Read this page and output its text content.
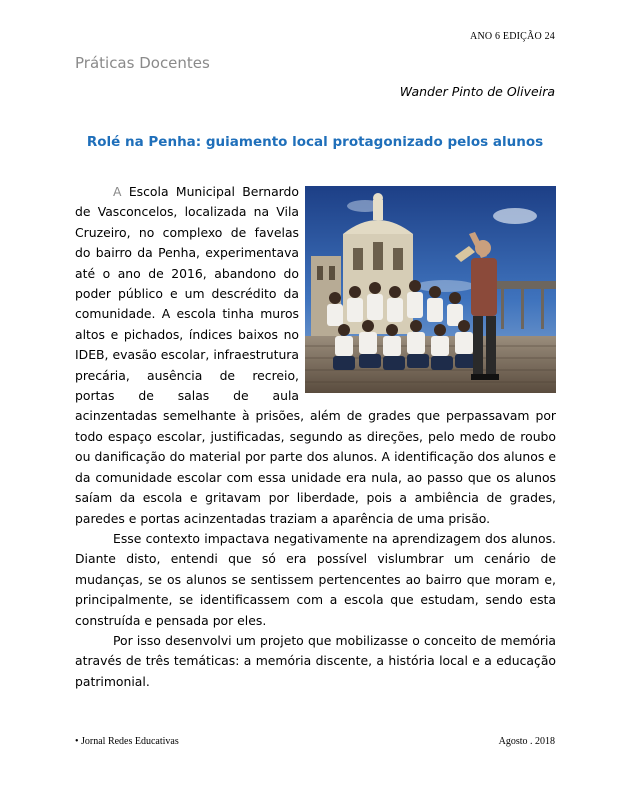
ANO 6 EDIÇÃO 24
Práticas Docentes
Wander Pinto de Oliveira
Rolé na Penha: guiamento local protagonizado pelos alunos

A
Escola Municipal Bernardo de Vasconcelos, localizada na Vila Cruzeiro, no complexo de favelas do bairro da Penha, experimentava até o ano de 2016, abandono do poder público e um descrédito da comunidade. A escola tinha muros altos e pichados, índices baixos no IDEB, evasão escolar, infraestrutura precária, ausência de recreio, portas de salas de aula acinzentadas semelhante à prisões, além de grades que perpassavam por todo espaço escolar, justificadas, segundo as direções, pelo medo de roubo ou danificação do material por parte dos alunos. A identificação dos alunos e da comunidade escolar com essa unidade era nula, ao passo que os alunos saíam da escola e gritavam por liberdade, pois a ambiência de grades, paredes e portas acinzentadas traziam a aparência de uma prisão.

Esse contexto impactava negativamente na aprendizagem dos alunos. Diante disto, entendi que só era possível vislumbrar um cenário de mudanças, se os alunos se sentissem pertencentes ao bairro que moram e, principalmente, se identificassem com a escola que estudam, sendo esta construída e pensada por eles.

Por isso desenvolvi um projeto que mobilizasse o conceito de memória através de três temáticas: a memória discente, a história local e a educação patrimonial.

• Jornal Redes Educativas	Agosto . 2018
